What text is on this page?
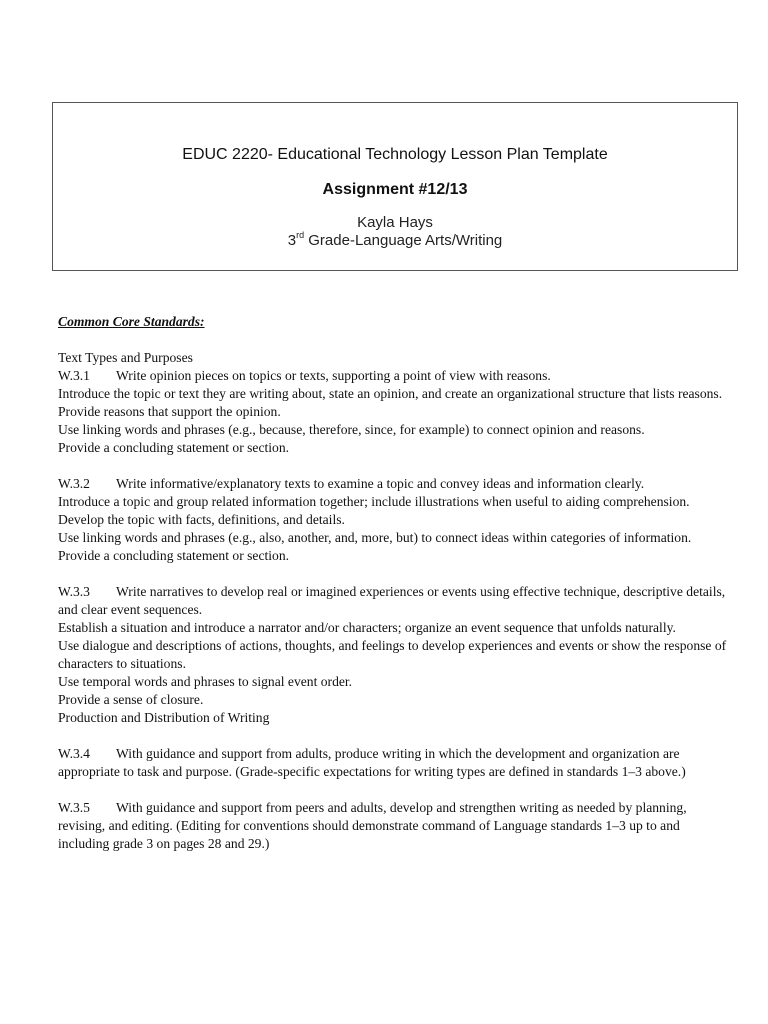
EDUC 2220- Educational Technology Lesson Plan Template
Assignment #12/13
Kayla Hays
3rd Grade-Language Arts/Writing
Common Core Standards:
Text Types and Purposes
W.3.1 Write opinion pieces on topics or texts, supporting a point of view with reasons.
Introduce the topic or text they are writing about, state an opinion, and create an organizational structure that lists reasons.
Provide reasons that support the opinion.
Use linking words and phrases (e.g., because, therefore, since, for example) to connect opinion and reasons.
Provide a concluding statement or section.
W.3.2 Write informative/explanatory texts to examine a topic and convey ideas and information clearly.
Introduce a topic and group related information together; include illustrations when useful to aiding comprehension.
Develop the topic with facts, definitions, and details.
Use linking words and phrases (e.g., also, another, and, more, but) to connect ideas within categories of information.
Provide a concluding statement or section.
W.3.3 Write narratives to develop real or imagined experiences or events using effective technique, descriptive details, and clear event sequences.
Establish a situation and introduce a narrator and/or characters; organize an event sequence that unfolds naturally.
Use dialogue and descriptions of actions, thoughts, and feelings to develop experiences and events or show the response of characters to situations.
Use temporal words and phrases to signal event order.
Provide a sense of closure.
Production and Distribution of Writing
W.3.4 With guidance and support from adults, produce writing in which the development and organization are appropriate to task and purpose. (Grade-specific expectations for writing types are defined in standards 1–3 above.)
W.3.5 With guidance and support from peers and adults, develop and strengthen writing as needed by planning, revising, and editing. (Editing for conventions should demonstrate command of Language standards 1–3 up to and including grade 3 on pages 28 and 29.)
